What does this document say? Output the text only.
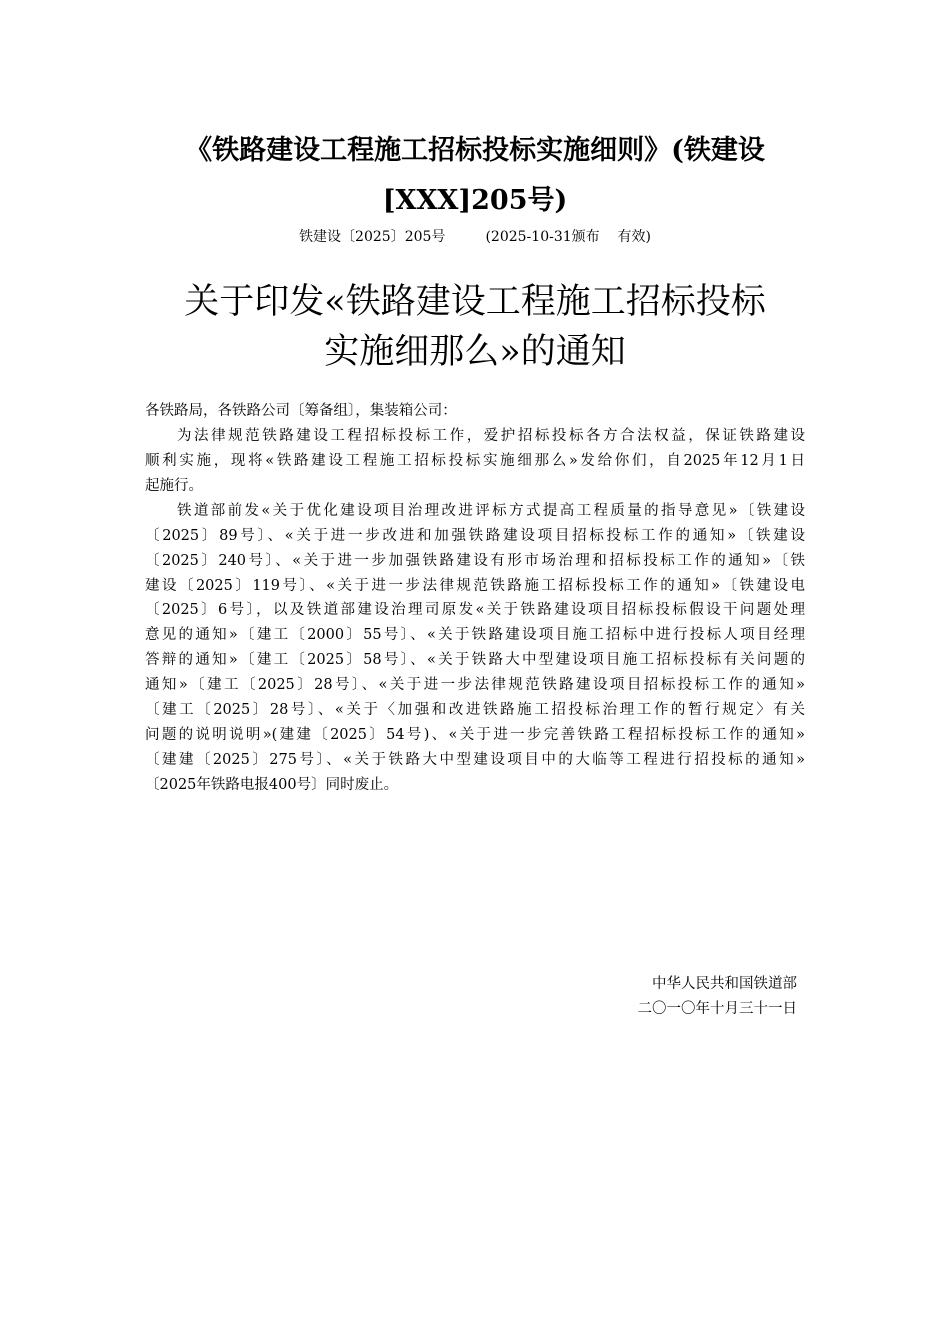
《铁路建设工程施工招标投标实施细则》(铁建设
[XXX]205号)
铁建设〔2025〕205号         (2025-10-31颁布    有效)
关于印发«铁路建设工程施工招标投标
实施细那么»的通知
各铁路局，各铁路公司〔筹备组〕，集装箱公司：
为法律规范铁路建设工程招标投标工作，爱护招标投标各方合法权益，保证铁路建设
顺利实施，现将«铁路建设工程施工招标投标实施细那么»发给你们，自2025年12月1日
起施行。
铁道部前发«关于优化建设项目治理改进评标方式提高工程质量的指导意见»〔铁建设
〔2025〕89号〕、«关于进一步改进和加强铁路建设项目招标投标工作的通知»〔铁建设
〔2025〕240号〕、«关于进一步加强铁路建设有形市场治理和招标投标工作的通知»〔铁
建设〔2025〕119号〕、«关于进一步法律规范铁路施工招标投标工作的通知»〔铁建设电
〔2025〕6号〕，以及铁道部建设治理司原发«关于铁路建设项目招标投标假设干问题处理
意见的通知»〔建工〔2000〕55号〕、«关于铁路建设项目施工招标中进行投标人项目经理
答辩的通知»〔建工〔2025〕58号〕、«关于铁路大中型建设项目施工招标投标有关问题的
通知»〔建工〔2025〕28号〕、«关于进一步法律规范铁路建设项目招标投标工作的通知»
〔建工〔2025〕28号〕、«关于〈加强和改进铁路施工招投标治理工作的暂行规定〉有关
问题的说明说明»(建建〔2025〕54号)、«关于进一步完善铁路工程招标投标工作的通知»
〔建建〔2025〕275号〕、«关于铁路大中型建设项目中的大临等工程进行招投标的通知»
〔2025年铁路电报400号〕同时废止。
中华人民共和国铁道部
二〇一〇年十月三十一日
